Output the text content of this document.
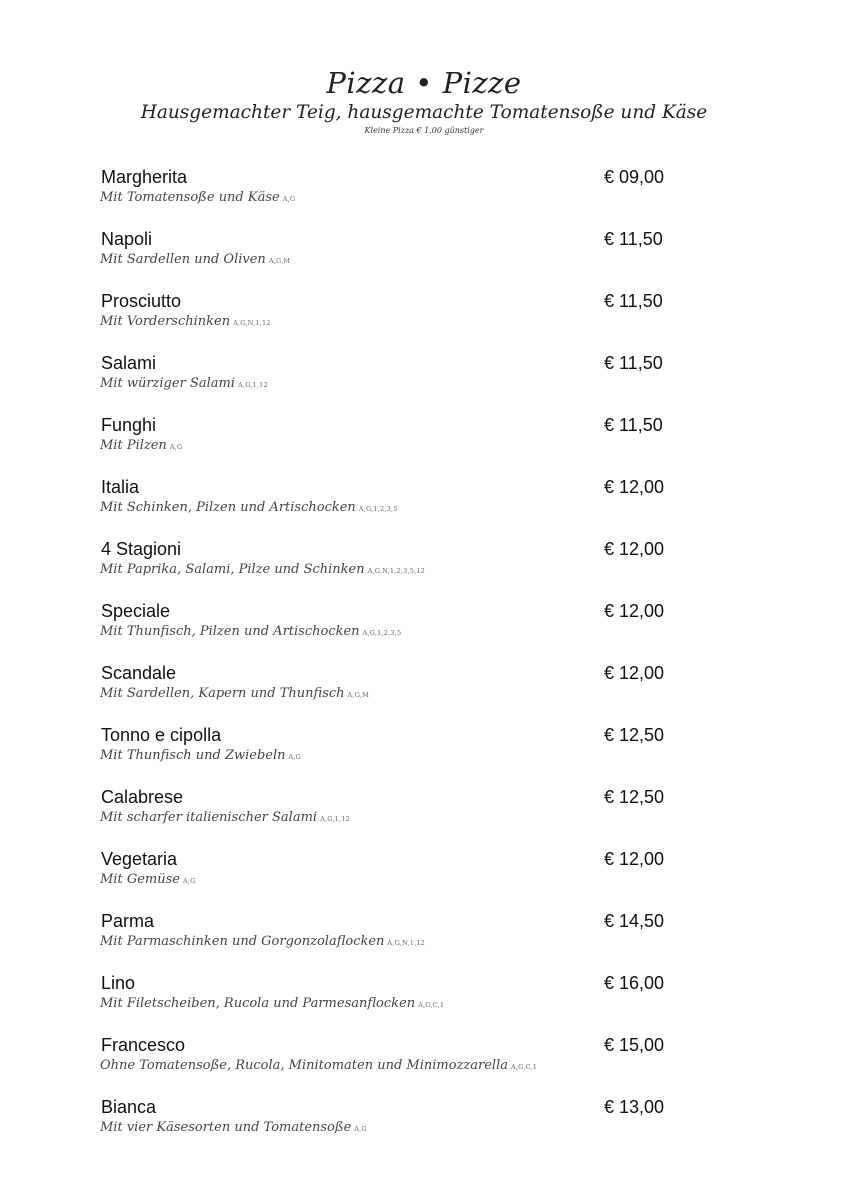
Pizza • Pizze
Hausgemachter Teig, hausgemachte Tomatensoße und Käse
Kleine Pizza € 1,00 günstiger
Margherita	€ 09,00
Mit Tomatensoße und Käse A,G
Napoli	€ 11,50
Mit Sardellen und Oliven A,G,M
Prosciutto	€ 11,50
Mit Vorderschinken A,G,N,1,12
Salami	€ 11,50
Mit würziger Salami A,G,1,12
Funghi	€ 11,50
Mit Pilzen A,G
Italia	€ 12,00
Mit Schinken, Pilzen und Artischocken A,G,1,2,3,5
4 Stagioni	€ 12,00
Mit Paprika, Salami, Pilze und Schinken A,G,N,1,2,3,5,12
Speciale	€ 12,00
Mit Thunfisch, Pilzen und Artischocken A,G,1,2,3,5
Scandale	€ 12,00
Mit Sardellen, Kapern und Thunfisch A,G,M
Tonno e cipolla	€ 12,50
Mit Thunfisch und Zwiebeln A,G
Calabrese	€ 12,50
Mit scharfer italienischer Salami A,G,1,12
Vegetaria	€ 12,00
Mit Gemüse A,G
Parma	€ 14,50
Mit Parmaschinken und Gorgonzolaflocken A,G,N,1,12
Lino	€ 16,00
Mit Filetscheiben, Rucola und Parmesanflocken A,G,C,1
Francesco	€ 15,00
Ohne Tomatensoße, Rucola, Minitomaten und Minimozzarella A,G,C,1
Bianca	€ 13,00
Mit vier Käsesorten und Tomatensoße A,G
